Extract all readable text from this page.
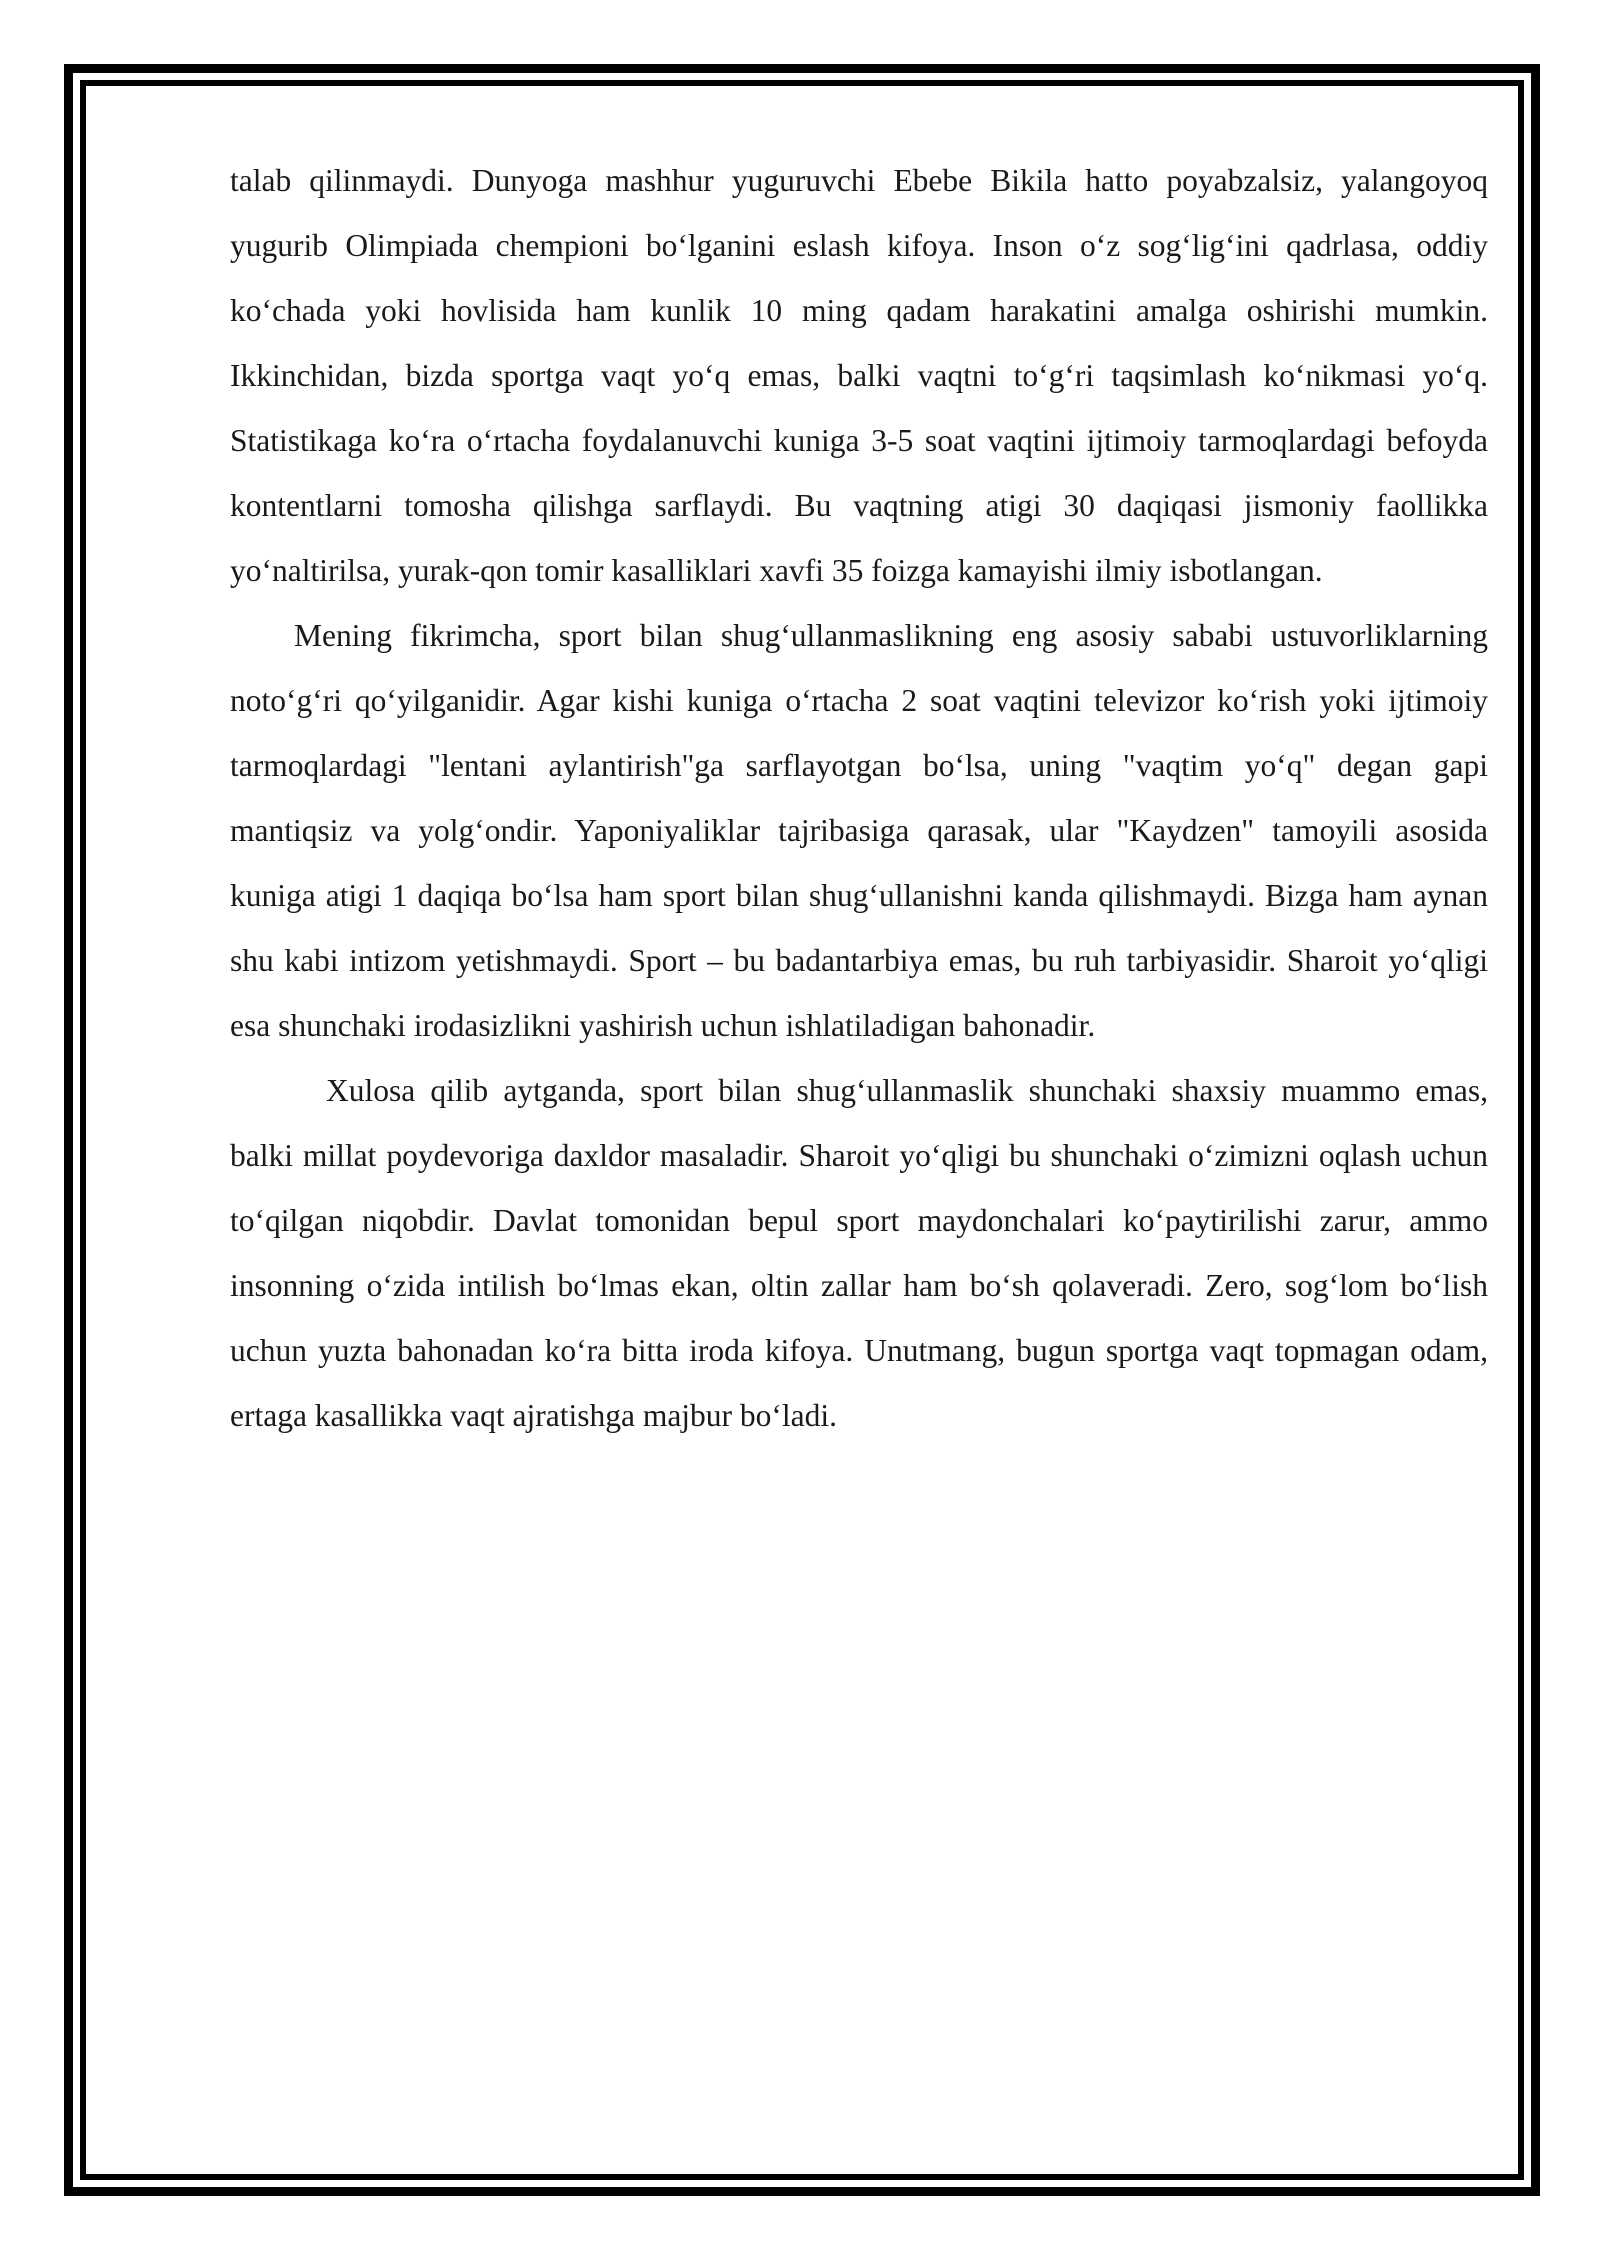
talab qilinmaydi. Dunyoga mashhur yuguruvchi Ebebe Bikila hatto poyabzalsiz, yalangoyoq yugurib Olimpiada chempioni bo‘lganini eslash kifoya. Inson o‘z sog‘lig‘ini qadrlasa, oddiy ko‘chada yoki hovlisida ham kunlik 10 ming qadam harakatini amalga oshirishi mumkin. Ikkinchidan, bizda sportga vaqt yo‘q emas, balki vaqtni to‘g‘ri taqsimlash ko‘nikmasi yo‘q. Statistikaga ko‘ra o‘rtacha foydalanuvchi kuniga 3-5 soat vaqtini ijtimoiy tarmoqlardagi befoyda kontentlarni tomosha qilishga sarflaydi. Bu vaqtning atigi 30 daqiqasi jismoniy faollikka yo‘naltirilsa, yurak-qon tomir kasalliklari xavfi 35 foizga kamayishi ilmiy isbotlangan.

Mening fikrimcha, sport bilan shug‘ullanmaslikning eng asosiy sababi ustuvorliklarning noto‘g‘ri qo‘yilganidir. Agar kishi kuniga o‘rtacha 2 soat vaqtini televizor ko‘rish yoki ijtimoiy tarmoqlardagi "lentani aylantirish"ga sarflayotgan bo‘lsa, uning "vaqtim yo‘q" degan gapi mantiqsiz va yolg‘ondir. Yaponiyaliklar tajribasiga qarasak, ular "Kaydzen" tamoyili asosida kuniga atigi 1 daqiqa bo‘lsa ham sport bilan shug‘ullanishni kanda qilishmaydi. Bizga ham aynan shu kabi intizom yetishmaydi. Sport – bu badantarbiya emas, bu ruh tarbiyasidir. Sharoit yo‘qligi esa shunchaki irodasizlikni yashirish uchun ishlatiladigan bahonadir.

Xulosa qilib aytganda, sport bilan shug‘ullanmaslik shunchaki shaxsiy muammo emas, balki millat poydevoriga daxldor masaladir. Sharoit yo‘qligi bu shunchaki o‘zimizni oqlash uchun to‘qilgan niqobdir. Davlat tomonidan bepul sport maydonchalari ko‘paytirilishi zarur, ammo insonning o‘zida intilish bo‘lmas ekan, oltin zallar ham bo‘sh qolaveradi. Zero, sog‘lom bo‘lish uchun yuzta bahonadan ko‘ra bitta iroda kifoya. Unutmang, bugun sportga vaqt topmagan odam, ertaga kasallikka vaqt ajratishga majbur bo‘ladi.
